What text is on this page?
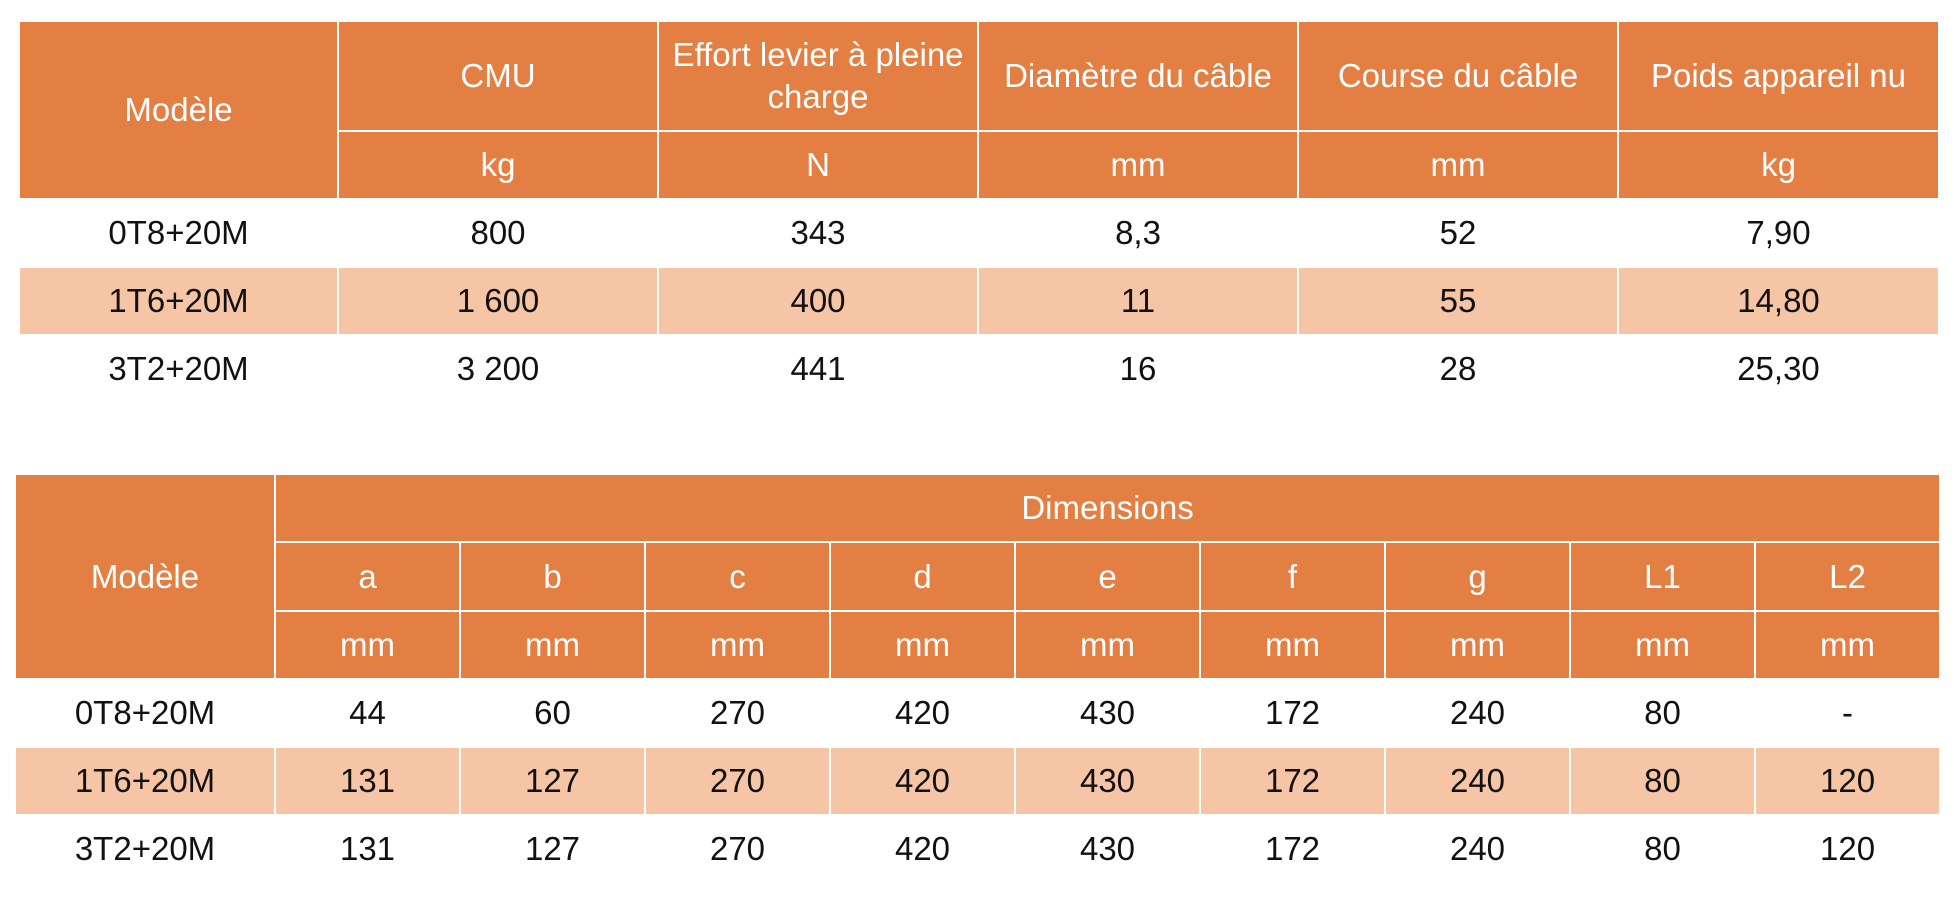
Modèle	CMU	Effort levier à pleine charge	Diamètre du câble	Course du câble	Poids appareil nu
	kg	N	mm	mm	kg
0T8+20M	800	343	8,3	52	7,90
1T6+20M	1 600	400	11	55	14,80
3T2+20M	3 200	441	16	28	25,30
Modèle	Dimensions								
	a	b	c	d	e	f	g	L1	L2
	mm	mm	mm	mm	mm	mm	mm	mm	mm
0T8+20M	44	60	270	420	430	172	240	80	-
1T6+20M	131	127	270	420	430	172	240	80	120
3T2+20M	131	127	270	420	430	172	240	80	120
